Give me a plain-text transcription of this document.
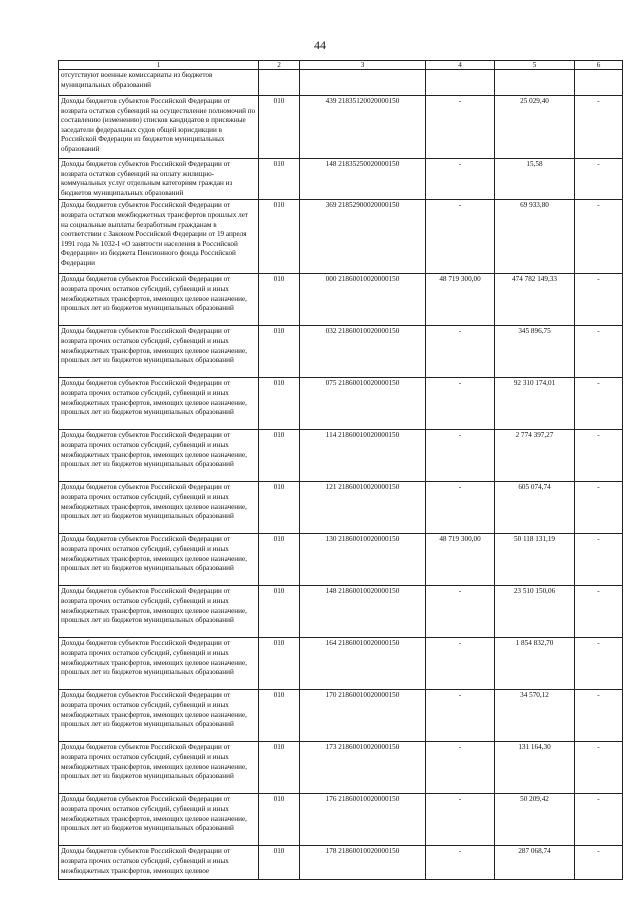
44
1	2	3	4	5	6
отсутствуют военные комиссариаты из бюджетов муниципальных образований					
Доходы бюджетов субъектов Российской Федерации от возврата остатков субвенций на осуществление полномочий по составлению (изменению) списков кандидатов в присяжные заседатели федеральных судов общей юрисдикции в Российской Федерации из бюджетов муниципальных образований	010	439 21835120020000150	-	25 029,40	-
Доходы бюджетов субъектов Российской Федерации от возврата остатков субвенций на оплату жилищно-коммунальных услуг отдельным категориям граждан из бюджетов муниципальных образований	010	148 21835250020000150	-	15,58	-
Доходы бюджетов субъектов Российской Федерации от возврата остатков межбюджетных трансфертов прошлых лет на социальные выплаты безработным гражданам в соответствии с Законом Российской Федерации от 19 апреля 1991 года № 1032-I «О занятости населения в Российской Федерации» из бюджета Пенсионного фонда Российской Федерации	010	369 21852900020000150	-	69 933,80	-
Доходы бюджетов субъектов Российской Федерации от возврата прочих остатков субсидий, субвенций и иных межбюджетных трансфертов, имеющих целевое назначение, прошлых лет из бюджетов муниципальных образований	010	000 21860010020000150	48 719 300,00	474 782 149,33	-
Доходы бюджетов субъектов Российской Федерации от возврата прочих остатков субсидий, субвенций и иных межбюджетных трансфертов, имеющих целевое назначение, прошлых лет из бюджетов муниципальных образований	010	032 21860010020000150	-	345 896,75	-
Доходы бюджетов субъектов Российской Федерации от возврата прочих остатков субсидий, субвенций и иных межбюджетных трансфертов, имеющих целевое назначение, прошлых лет из бюджетов муниципальных образований	010	075 21860010020000150	-	92 310 174,01	-
Доходы бюджетов субъектов Российской Федерации от возврата прочих остатков субсидий, субвенций и иных межбюджетных трансфертов, имеющих целевое назначение, прошлых лет из бюджетов муниципальных образований	010	114 21860010020000150	-	2 774 397,27	-
Доходы бюджетов субъектов Российской Федерации от возврата прочих остатков субсидий, субвенций и иных межбюджетных трансфертов, имеющих целевое назначение, прошлых лет из бюджетов муниципальных образований	010	121 21860010020000150	-	605 074,74	-
Доходы бюджетов субъектов Российской Федерации от возврата прочих остатков субсидий, субвенций и иных межбюджетных трансфертов, имеющих целевое назначение, прошлых лет из бюджетов муниципальных образований	010	130 21860010020000150	48 719 300,00	50 118 131,19	-
Доходы бюджетов субъектов Российской Федерации от возврата прочих остатков субсидий, субвенций и иных межбюджетных трансфертов, имеющих целевое назначение, прошлых лет из бюджетов муниципальных образований	010	148 21860010020000150	-	23 510 150,06	-
Доходы бюджетов субъектов Российской Федерации от возврата прочих остатков субсидий, субвенций и иных межбюджетных трансфертов, имеющих целевое назначение, прошлых лет из бюджетов муниципальных образований	010	164 21860010020000150	-	1 854 832,70	-
Доходы бюджетов субъектов Российской Федерации от возврата прочих остатков субсидий, субвенций и иных межбюджетных трансфертов, имеющих целевое назначение, прошлых лет из бюджетов муниципальных образований	010	170 21860010020000150	-	34 570,12	-
Доходы бюджетов субъектов Российской Федерации от возврата прочих остатков субсидий, субвенций и иных межбюджетных трансфертов, имеющих целевое назначение, прошлых лет из бюджетов муниципальных образований	010	173 21860010020000150	-	131 164,30	-
Доходы бюджетов субъектов Российской Федерации от возврата прочих остатков субсидий, субвенций и иных межбюджетных трансфертов, имеющих целевое назначение, прошлых лет из бюджетов муниципальных образований	010	176 21860010020000150	-	50 209,42	-
Доходы бюджетов субъектов Российской Федерации от возврата прочих остатков субсидий, субвенций и иных межбюджетных трансфертов, имеющих целевое	010	178 21860010020000150	-	287 068,74	-
